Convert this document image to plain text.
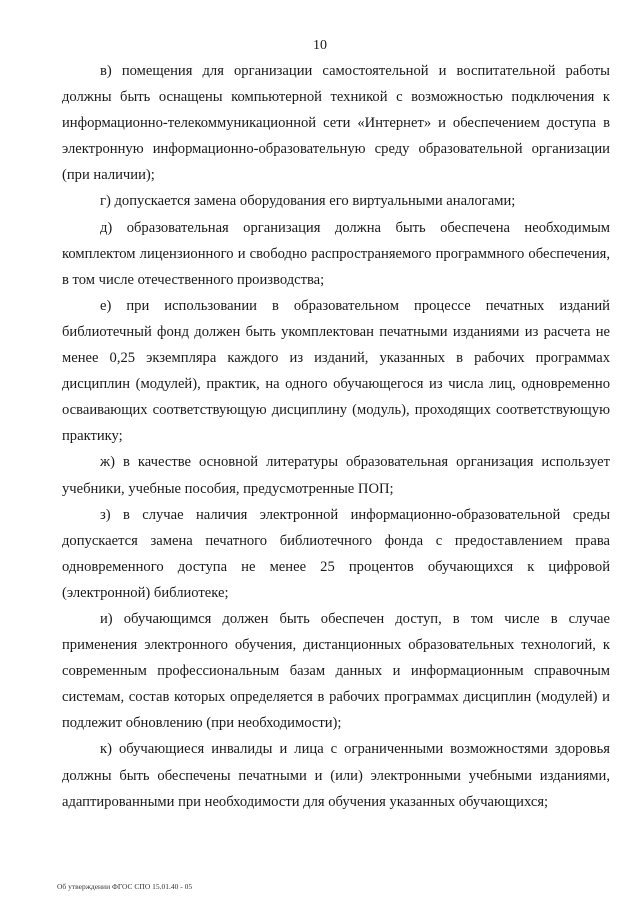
10

в) помещения для организации самостоятельной и воспитательной работы должны быть оснащены компьютерной техникой с возможностью подключения к информационно-телекоммуникационной сети «Интернет» и обеспечением доступа в электронную информационно-образовательную среду образовательной организации (при наличии);

г) допускается замена оборудования его виртуальными аналогами;

д) образовательная организация должна быть обеспечена необходимым комплектом лицензионного и свободно распространяемого программного обеспечения, в том числе отечественного производства;

е) при использовании в образовательном процессе печатных изданий библиотечный фонд должен быть укомплектован печатными изданиями из расчета не менее 0,25 экземпляра каждого из изданий, указанных в рабочих программах дисциплин (модулей), практик, на одного обучающегося из числа лиц, одновременно осваивающих соответствующую дисциплину (модуль), проходящих соответствующую практику;

ж) в качестве основной литературы образовательная организация использует учебники, учебные пособия, предусмотренные ПОП;

з) в случае наличия электронной информационно-образовательной среды допускается замена печатного библиотечного фонда с предоставлением права одновременного доступа не менее 25 процентов обучающихся к цифровой (электронной) библиотеке;

и) обучающимся должен быть обеспечен доступ, в том числе в случае применения электронного обучения, дистанционных образовательных технологий, к современным профессиональным базам данных и информационным справочным системам, состав которых определяется в рабочих программах дисциплин (модулей) и подлежит обновлению (при необходимости);

к) обучающиеся инвалиды и лица с ограниченными возможностями здоровья должны быть обеспечены печатными и (или) электронными учебными изданиями, адаптированными при необходимости для обучения указанных обучающихся;

Об утверждении ФГОС СПО 15.01.40 - 05
